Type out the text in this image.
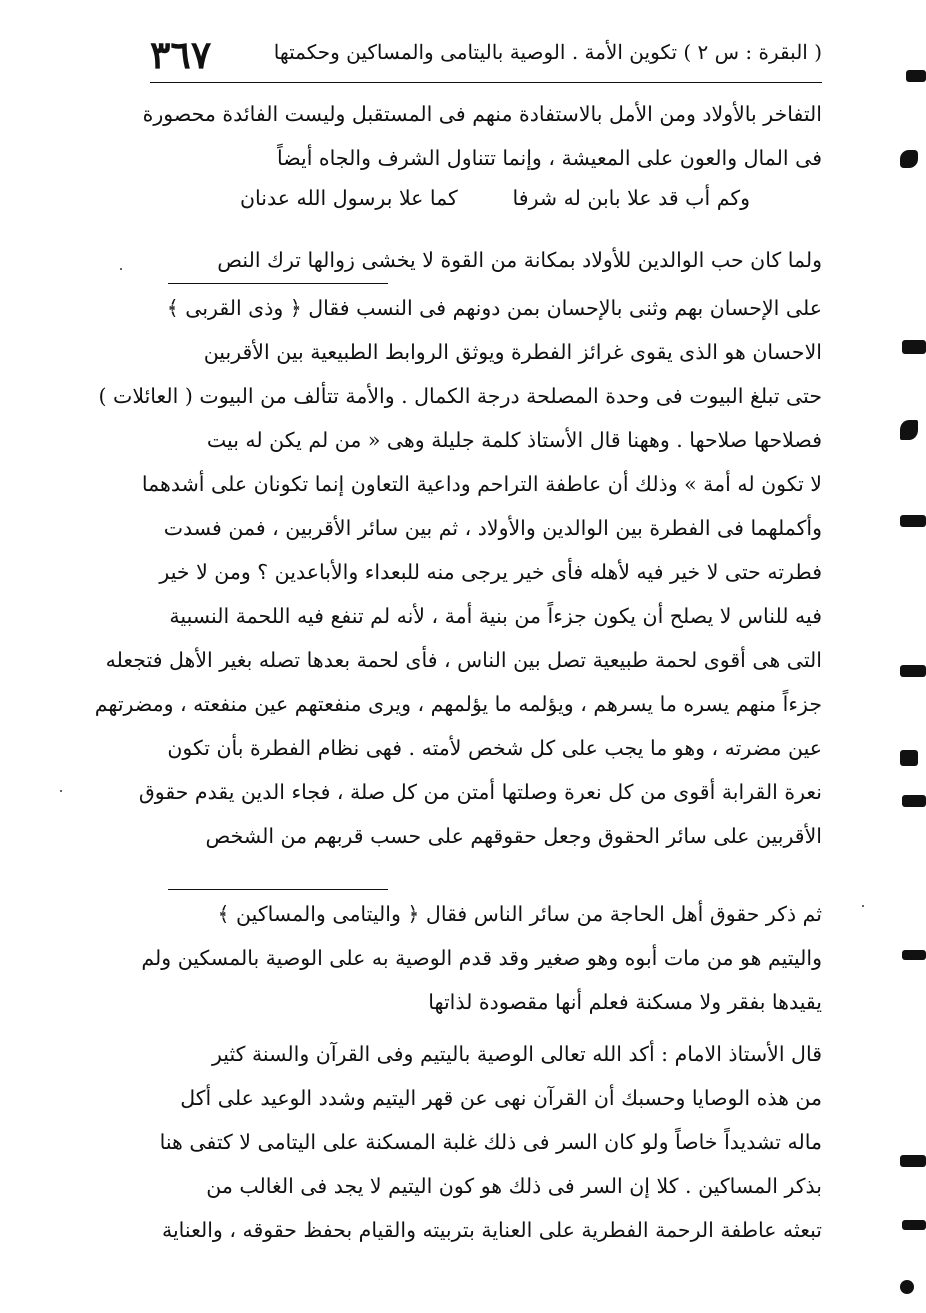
٣٦٧	( البقرة : س ٢ ) تكوين الأمة . الوصية باليتامى والمساكين وحكمتها
التفاخر بالأولاد ومن الأمل بالاستفادة منهم فى المستقبل وليست الفائدة محصورة
فى المال والعون على المعيشة ، وإنما تتناول الشرف والجاه أيضاً
وكم أب قد علا بابن له شرفا
كما علا برسول الله عدنان
ولما كان حب الوالدين للأولاد بمكانة من القوة لا يخشى زوالها ترك النص
على الإحسان بهم وثنى بالإحسان بمن دونهم فى النسب فقال ﴿ وذى القربى ﴾
الاحسان هو الذى يقوى غرائز الفطرة ويوثق الروابط الطبيعية بين الأقربين
حتى تبلغ البيوت فى وحدة المصلحة درجة الكمال . والأمة تتألف من البيوت ( العائلات )
فصلاحها صلاحها . وههنا قال الأستاذ كلمة جليلة وهى « من لم يكن له بيت
لا تكون له أمة » وذلك أن عاطفة التراحم وداعية التعاون إنما تكونان على أشدهما
وأكملهما فى الفطرة بين الوالدين والأولاد ، ثم بين سائر الأقربين ، فمن فسدت
فطرته حتى لا خير فيه لأهله فأى خير يرجى منه للبعداء والأباعدين ؟ ومن لا خير
فيه للناس لا يصلح أن يكون جزءاً من بنية أمة ، لأنه لم تنفع فيه اللحمة النسبية
التى هى أقوى لحمة طبيعية تصل بين الناس ، فأى لحمة بعدها تصله بغير الأهل فتجعله
جزءاً منهم يسره ما يسرهم ، ويؤلمه ما يؤلمهم ، ويرى منفعتهم عين منفعته ، ومضرتهم
عين مضرته ، وهو ما يجب على كل شخص لأمته . فهى نظام الفطرة بأن تكون
نعرة القرابة أقوى من كل نعرة وصلتها أمتن من كل صلة ، فجاء الدين يقدم حقوق
الأقربين على سائر الحقوق وجعل حقوقهم على حسب قربهم من الشخص
ثم ذكر حقوق أهل الحاجة من سائر الناس فقال ﴿ واليتامى والمساكين ﴾
واليتيم هو من مات أبوه وهو صغير وقد قدم الوصية به على الوصية بالمسكين ولم
يقيدها بفقر ولا مسكنة فعلم أنها مقصودة لذاتها
قال الأستاذ الامام : أكد الله تعالى الوصية باليتيم وفى القرآن والسنة كثير
من هذه الوصايا وحسبك أن القرآن نهى عن قهر اليتيم وشدد الوعيد على أكل
ماله تشديداً خاصاً ولو كان السر فى ذلك غلبة المسكنة على اليتامى لا كتفى هنا
بذكر المساكين . كلا إن السر فى ذلك هو كون اليتيم لا يجد فى الغالب من
تبعثه عاطفة الرحمة الفطرية على العناية بتربيته والقيام بحفظ حقوقه ، والعناية
